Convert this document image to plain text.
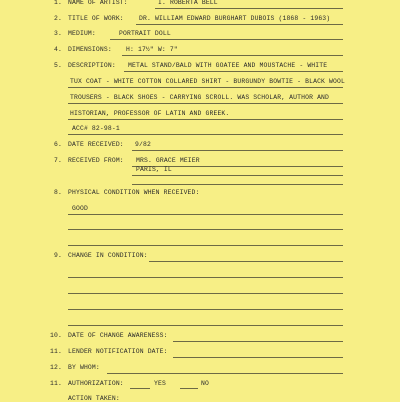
1. NAME OF ARTIST:	I. ROBERTA BELL
2. TITLE OF WORK: DR. WILLIAM EDWARD BURGHART DUBOIS (1868 - 1963)
3. MEDIUM:	PORTRAIT DOLL
4. DIMENSIONS: H: 17½" W: 7"
5. DESCRIPTION: METAL STAND/BALD WITH GOATEE AND MOUSTACHE - WHITE
TUX COAT - WHITE COTTON COLLARED SHIRT - BURGUNDY BOWTIE - BLACK WOOL
TROUSERS - BLACK SHOES - CARRYING SCROLL. WAS SCHOLAR, AUTHOR AND
HISTORIAN, PROFESSOR OF LATIN AND GREEK.
ACC# 82-98-1
6. DATE RECEIVED: 9/82
7. RECEIVED FROM: MRS. GRACE MEIER
PARIS, IL
8. PHYSICAL CONDITION WHEN RECEIVED:
GOOD
9. CHANGE IN CONDITION:
10. DATE OF CHANGE AWARENESS:
11. LENDER NOTIFICATION DATE:
12. BY WHOM:
11. AUTHORIZATION:	YES	NO
ACTION TAKEN:
